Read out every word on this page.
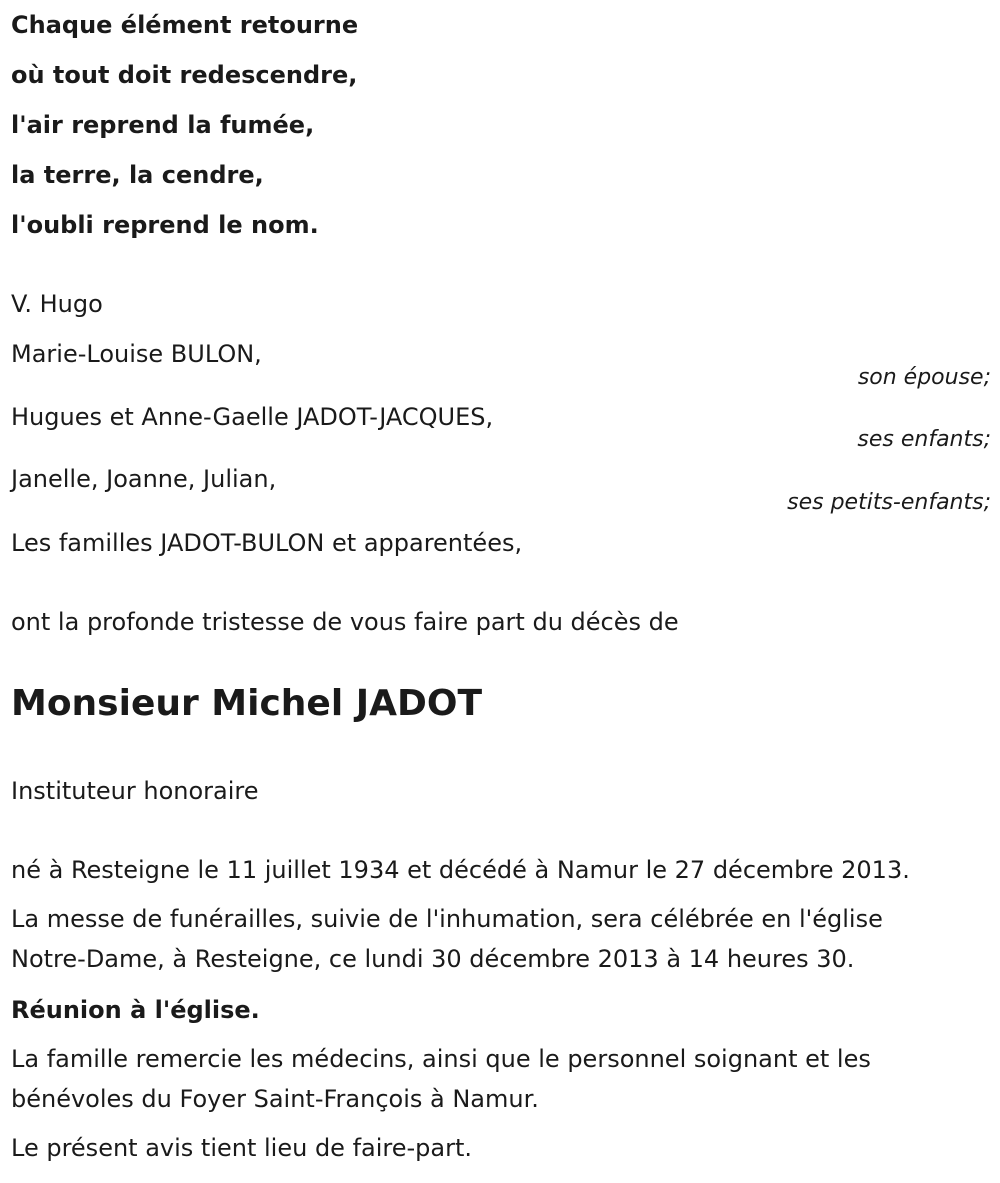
Chaque élément retourne
où tout doit redescendre,
l'air reprend la fumée,
la terre, la cendre,
l'oubli reprend le nom.
V. Hugo
Marie-Louise BULON,
son épouse;
Hugues et Anne-Gaelle JADOT-JACQUES,
ses enfants;
Janelle, Joanne, Julian,
ses petits-enfants;
Les familles JADOT-BULON et apparentées,
ont la profonde tristesse de vous faire part du décès de
Monsieur Michel JADOT
Instituteur honoraire
né à Resteigne le 11 juillet 1934 et décédé à Namur le 27 décembre 2013.
La messe de funérailles, suivie de l'inhumation, sera célébrée en l'église
Notre-Dame, à Resteigne, ce lundi 30 décembre 2013 à 14 heures 30.
Réunion à l'église.
La famille remercie les médecins, ainsi que le personnel soignant et les
bénévoles du Foyer Saint-François à Namur.
Le présent avis tient lieu de faire-part.
